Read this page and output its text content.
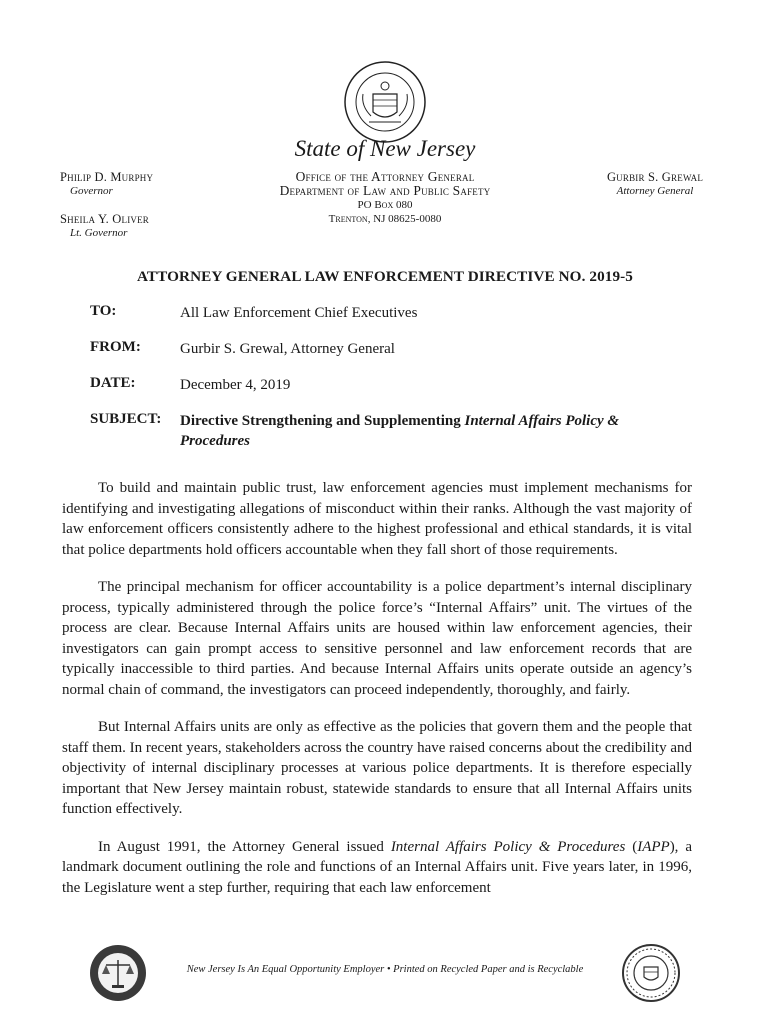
State of New Jersey
Philip D. Murphy
Governor
Sheila Y. Oliver
Lt. Governor
Office of the Attorney General
Department of Law and Public Safety
PO Box 080
Trenton, NJ 08625-0080
Gurbir S. Grewal
Attorney General
ATTORNEY GENERAL LAW ENFORCEMENT DIRECTIVE NO. 2019-5
TO:	All Law Enforcement Chief Executives
FROM:	Gurbir S. Grewal, Attorney General
DATE:	December 4, 2019
SUBJECT:	Directive Strengthening and Supplementing Internal Affairs Policy & Procedures

To build and maintain public trust, law enforcement agencies must implement mechanisms for identifying and investigating allegations of misconduct within their ranks. Although the vast majority of law enforcement officers consistently adhere to the highest professional and ethical standards, it is vital that police departments hold officers accountable when they fall short of those requirements.

The principal mechanism for officer accountability is a police department’s internal disciplinary process, typically administered through the police force’s “Internal Affairs” unit. The virtues of the process are clear. Because Internal Affairs units are housed within law enforcement agencies, their investigators can gain prompt access to sensitive personnel and law enforcement records that are typically inaccessible to third parties. And because Internal Affairs units operate outside an agency’s normal chain of command, the investigators can proceed independently, thoroughly, and fairly.

But Internal Affairs units are only as effective as the policies that govern them and the people that staff them. In recent years, stakeholders across the country have raised concerns about the credibility and objectivity of internal disciplinary processes at various police departments. It is therefore especially important that New Jersey maintain robust, statewide standards to ensure that all Internal Affairs units function effectively.

In August 1991, the Attorney General issued Internal Affairs Policy & Procedures (IAPP), a landmark document outlining the role and functions of an Internal Affairs unit. Five years later, in 1996, the Legislature went a step further, requiring that each law enforcement

New Jersey Is An Equal Opportunity Employer • Printed on Recycled Paper and is Recyclable
